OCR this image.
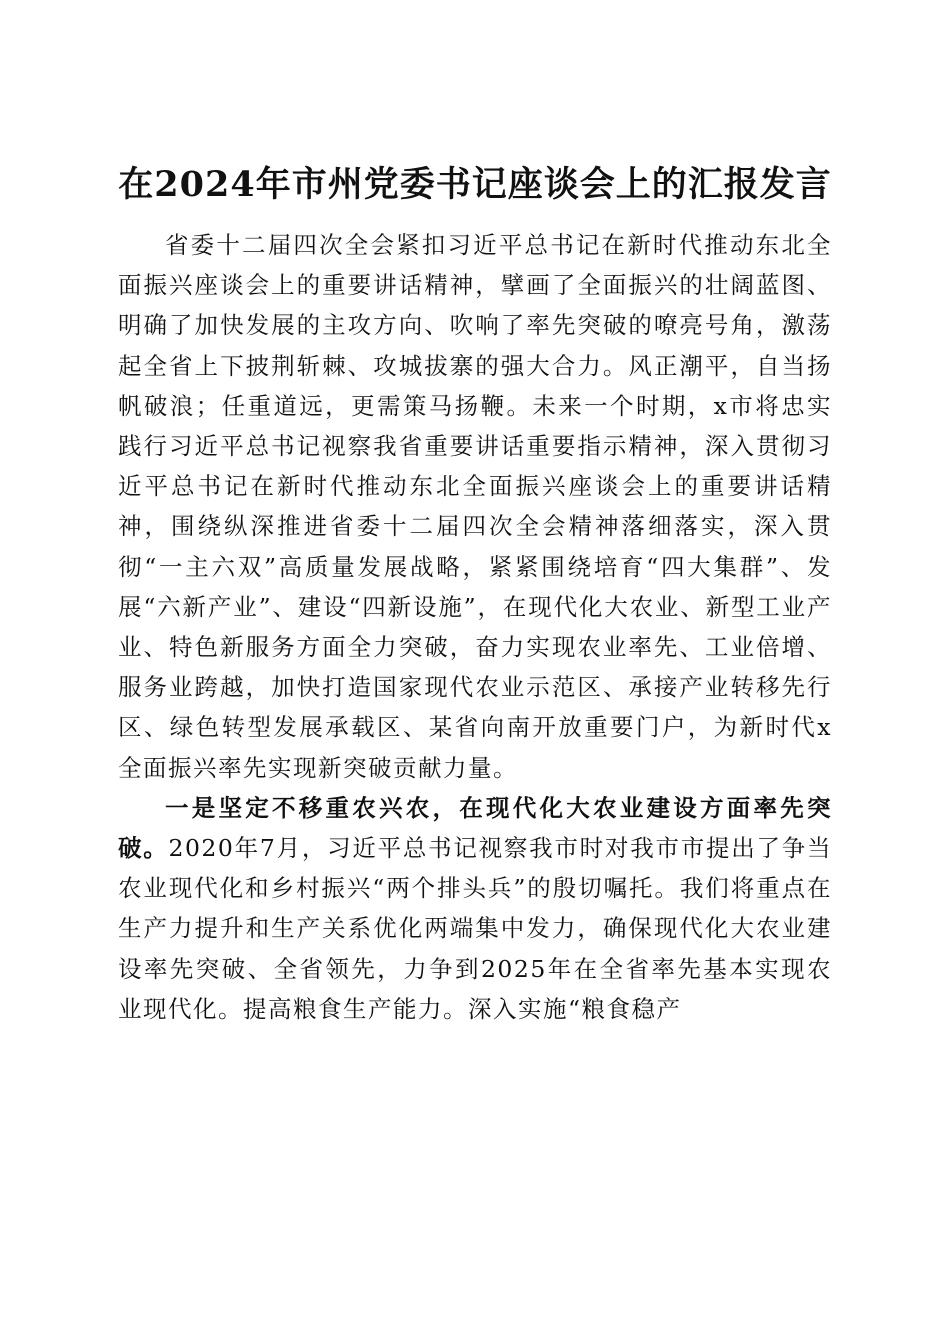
在2024年市州党委书记座谈会上的汇报发言

省委十二届四次全会紧扣习近平总书记在新时代推动东北全面振兴座谈会上的重要讲话精神，擘画了全面振兴的壮阔蓝图、明确了加快发展的主攻方向、吹响了率先突破的嘹亮号角，激荡起全省上下披荆斩棘、攻城拔寨的强大合力。风正潮平，自当扬帆破浪；任重道远，更需策马扬鞭。未来一个时期，x市将忠实践行习近平总书记视察我省重要讲话重要指示精神，深入贯彻习近平总书记在新时代推动东北全面振兴座谈会上的重要讲话精神，围绕纵深推进省委十二届四次全会精神落细落实，深入贯彻“一主六双”高质量发展战略，紧紧围绕培育“四大集群”、发展“六新产业”、建设“四新设施”，在现代化大农业、新型工业产业、特色新服务方面全力突破，奋力实现农业率先、工业倍增、服务业跨越，加快打造国家现代农业示范区、承接产业转移先行区、绿色转型发展承载区、某省向南开放重要门户，为新时代x全面振兴率先实现新突破贡献力量。

一是坚定不移重农兴农，在现代化大农业建设方面率先突破。2020年7月，习近平总书记视察我市时对我市市提出了争当农业现代化和乡村振兴“两个排头兵”的殷切嘱托。我们将重点在生产力提升和生产关系优化两端集中发力，确保现代化大农业建设率先突破、全省领先，力争到2025年在全省率先基本实现农业现代化。提高粮食生产能力。深入实施“粮食稳产
